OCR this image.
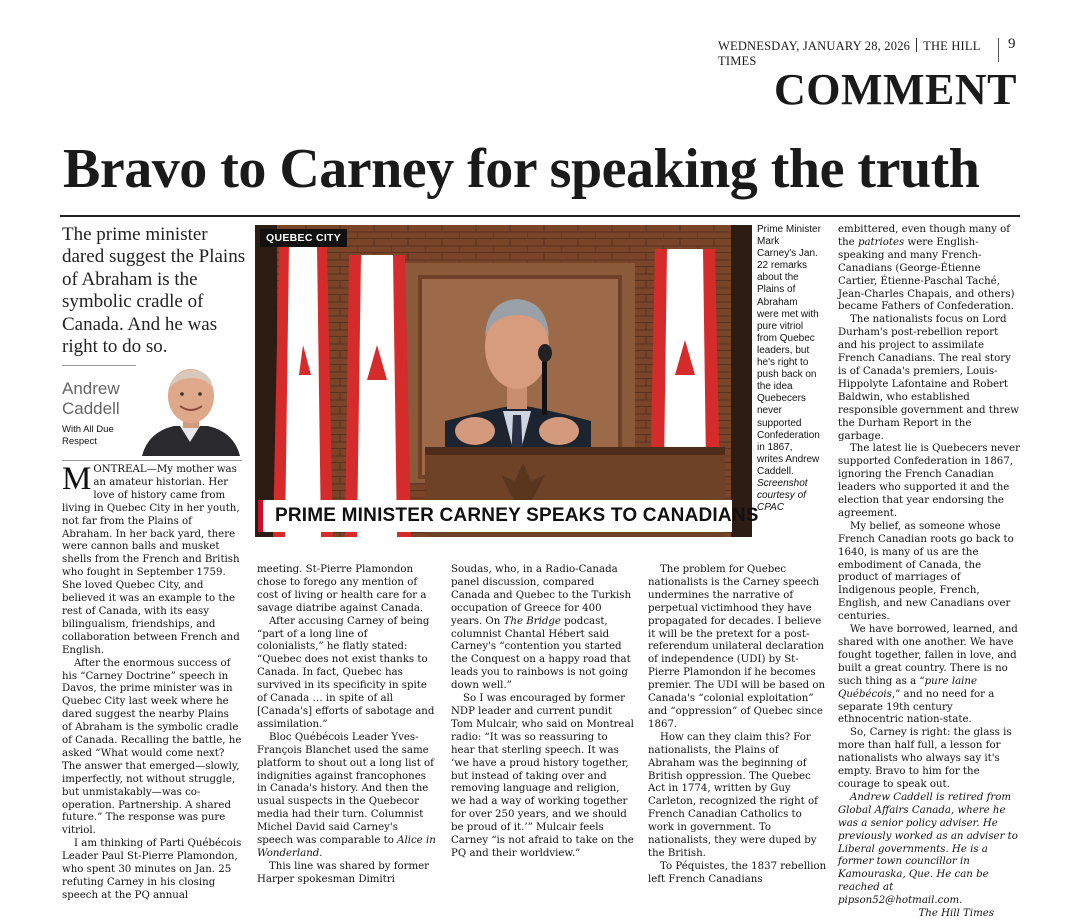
WEDNESDAY, JANUARY 28, 2026 THE HILL TIMES
9
COMMENT
Bravo to Carney for speaking the truth
The prime minister dared suggest the Plains of Abraham is the symbolic cradle of Canada. And he was right to do so.
Andrew Caddell
With All Due Respect
QUEBEC CITY
PRIME MINISTER CARNEY SPEAKS TO CANADIANS
Prime Minister Mark Carney's Jan. 22 remarks about the Plains of Abraham were met with pure vitriol from Quebec leaders, but he's right to push back on the idea Quebecers never supported Confederation in 1867, writes Andrew Caddell. Screenshot courtesy of CPAC

MONTREAL—My mother was an amateur historian. Her love of history came from living in Quebec City in her youth, not far from the Plains of Abraham. In her back yard, there were cannon balls and musket shells from the French and British who fought in September 1759. She loved Quebec City, and believed it was an example to the rest of Canada, with its easy bilingualism, friendships, and collaboration between French and English.

After the enormous success of his “Carney Doctrine” speech in Davos, the prime minister was in Quebec City last week where he dared suggest the nearby Plains of Abraham is the symbolic cradle of Canada. Recalling the battle, he asked “What would come next? The answer that emerged—slowly, imperfectly, not without struggle, but unmistakably—was co-operation. Partnership. A shared future.” The response was pure vitriol.

I am thinking of Parti Québécois Leader Paul St-Pierre Plamondon, who spent 30 minutes on Jan. 25 refuting Carney in his closing speech at the PQ annual

meeting. St-Pierre Plamondon chose to forego any mention of cost of living or health care for a savage diatribe against Canada.

After accusing Carney of being “part of a long line of colonialists,” he flatly stated: “Quebec does not exist thanks to Canada. In fact, Quebec has survived in its specificity in spite of Canada … in spite of all [Canada's] efforts of sabotage and assimilation.”

Bloc Québécois Leader Yves-François Blanchet used the same platform to shout out a long list of indignities against francophones in Canada's history. And then the usual suspects in the Quebecor media had their turn. Columnist Michel David said Carney's speech was comparable to Alice in Wonderland.

This line was shared by former Harper spokesman Dimitri

Soudas, who, in a Radio-Canada panel discussion, compared Canada and Quebec to the Turkish occupation of Greece for 400 years. On The Bridge podcast, columnist Chantal Hébert said Carney's “contention you started the Conquest on a happy road that leads you to rainbows is not going down well.”

So I was encouraged by former NDP leader and current pundit Tom Mulcair, who said on Montreal radio: “It was so reassuring to hear that sterling speech. It was ‘we have a proud history together, but instead of taking over and removing language and religion, we had a way of working together for over 250 years, and we should be proud of it.’” Mulcair feels Carney “is not afraid to take on the PQ and their worldview.”

The problem for Quebec nationalists is the Carney speech undermines the narrative of perpetual victimhood they have propagated for decades. I believe it will be the pretext for a post-referendum unilateral declaration of independence (UDI) by St-Pierre Plamondon if he becomes premier. The UDI will be based on Canada's “colonial exploitation” and “oppression” of Quebec since 1867.

How can they claim this? For nationalists, the Plains of Abraham was the beginning of British oppression. The Quebec Act in 1774, written by Guy Carleton, recognized the right of French Canadian Catholics to work in government. To nationalists, they were duped by the British.

To Péquistes, the 1837 rebellion left French Canadians

embittered, even though many of the patriotes were English-speaking and many French-Canadians (George-Étienne Cartier, Étienne-Paschal Taché, Jean-Charles Chapais, and others) became Fathers of Confederation.

The nationalists focus on Lord Durham's post-rebellion report and his project to assimilate French Canadians. The real story is of Canada's premiers, Louis-Hippolyte Lafontaine and Robert Baldwin, who established responsible government and threw the Durham Report in the garbage.

The latest lie is Quebecers never supported Confederation in 1867, ignoring the French Canadian leaders who supported it and the election that year endorsing the agreement.

My belief, as someone whose French Canadian roots go back to 1640, is many of us are the embodiment of Canada, the product of marriages of Indigenous people, French, English, and new Canadians over centuries.

We have borrowed, learned, and shared with one another. We have fought together, fallen in love, and built a great country. There is no such thing as a “pure laine Québécois,” and no need for a separate 19th century ethnocentric nation-state.

So, Carney is right: the glass is more than half full, a lesson for nationalists who always say it's empty. Bravo to him for the courage to speak out.

Andrew Caddell is retired from Global Affairs Canada, where he was a senior policy adviser. He previously worked as an adviser to Liberal governments. He is a former town councillor in Kamouraska, Que. He can be reached at pipson52@hotmail.com.

The Hill Times
